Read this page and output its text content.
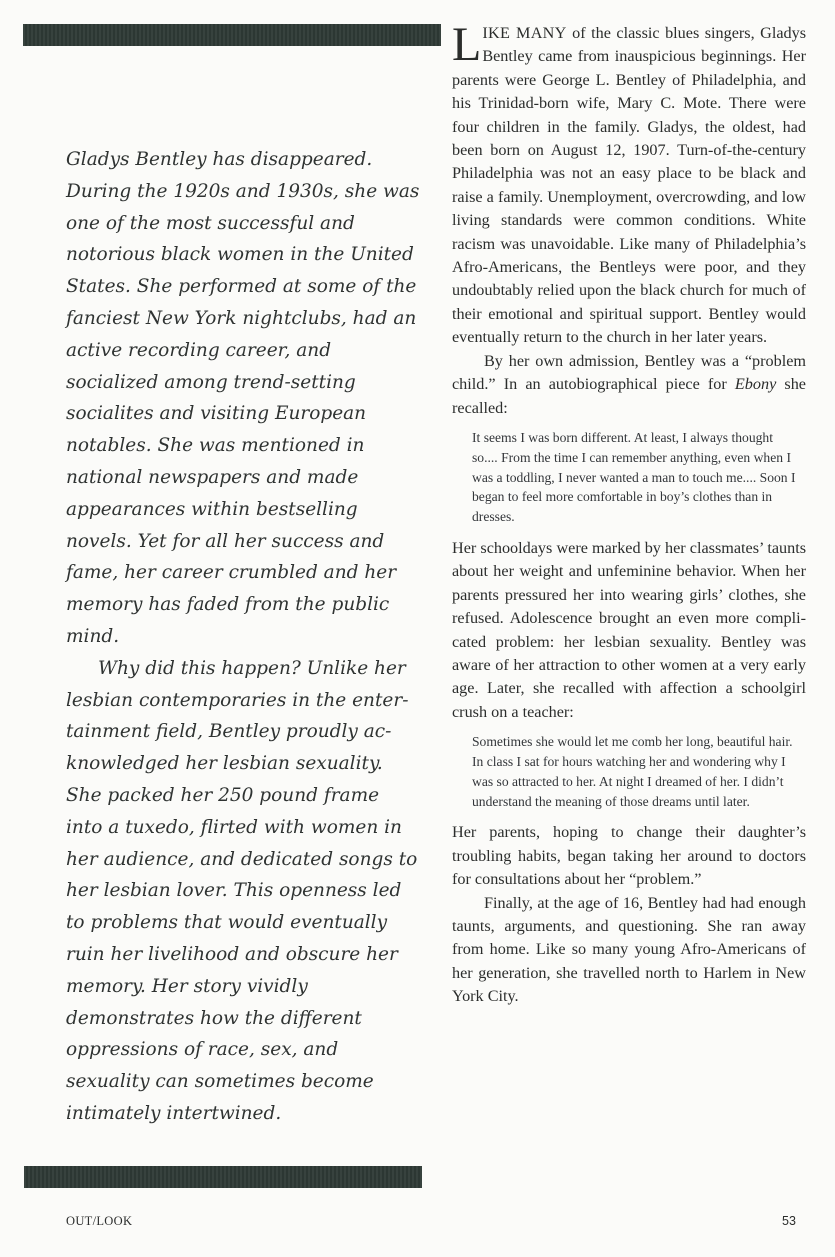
Gladys Bentley has disappeared. During the 1920s and 1930s, she was one of the most successful and notorious black women in the United States. She performed at some of the fanciest New York nightclubs, had an active recording career, and socialized among trend-setting socialites and visiting European notables. She was mentioned in national newspapers and made appearances within bestselling novels. Yet for all her success and fame, her career crumbled and her memory has faded from the public mind.

Why did this happen? Unlike her lesbian contemporaries in the entertainment field, Bentley proudly acknowledged her lesbian sexuality. She packed her 250 pound frame into a tuxedo, flirted with women in her audience, and dedicated songs to her lesbian lover. This openness led to problems that would eventually ruin her livelihood and obscure her memory. Her story vividly demonstrates how the different oppressions of race, sex, and sexuality can sometimes become intimately intertwined.

LIKE MANY of the classic blues singers, Gladys Bentley came from inauspicious beginnings. Her parents were George L. Bentley of Philadelphia, and his Trinidad-born wife, Mary C. Mote. There were four children in the family. Gladys, the oldest, had been born on August 12, 1907. Turn-of-the-century Philadelphia was not an easy place to be black and raise a family. Unemployment, overcrowding, and low living standards were common conditions. White racism was unavoidable. Like many of Philadelphia’s Afro-Americans, the Bentleys were poor, and they undoubtably relied upon the black church for much of their emotional and spiritual support. Bentley would eventually return to the church in her later years.

By her own admission, Bentley was a “problem child.” In an autobiographical piece for Ebony she recalled:

It seems I was born different. At least, I always thought so.... From the time I can remember anything, even when I was a toddling, I never wanted a man to touch me.... Soon I began to feel more comfortable in boy’s clothes than in dresses.

Her schooldays were marked by her classmates’ taunts about her weight and unfeminine behavior. When her parents pressured her into wearing girls’ clothes, she refused. Adolescence brought an even more complicated problem: her lesbian sexuality. Bentley was aware of her attraction to other women at a very early age. Later, she recalled with affection a schoolgirl crush on a teacher:

Sometimes she would let me comb her long, beautiful hair. In class I sat for hours watching her and wondering why I was so attracted to her. At night I dreamed of her. I didn’t understand the meaning of those dreams until later.

Her parents, hoping to change their daughter’s troubling habits, began taking her around to doctors for consultations about her “problem.”

Finally, at the age of 16, Bentley had had enough taunts, arguments, and questioning. She ran away from home. Like so many young Afro-Americans of her generation, she travelled north to Harlem in New York City.

OUT/LOOK	53
